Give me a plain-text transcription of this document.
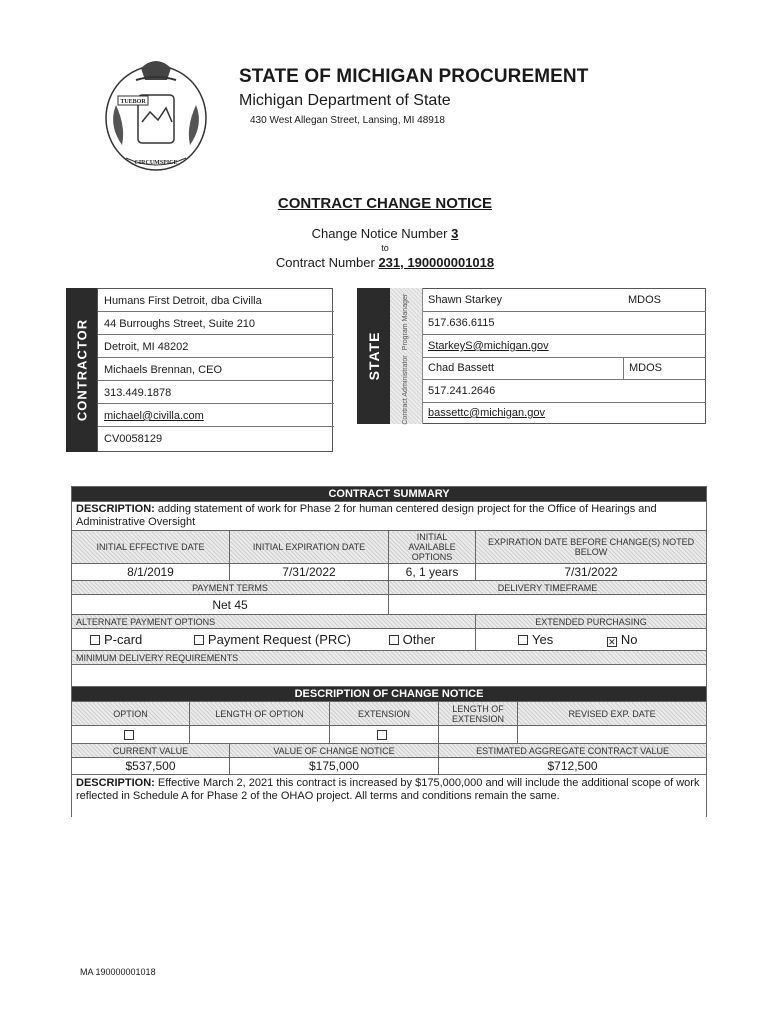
TUEBOR
CIRCUMSPICE
STATE OF MICHIGAN PROCUREMENT
Michigan Department of State
430 West Allegan Street, Lansing, MI 48918
CONTRACT CHANGE NOTICE
Change Notice Number 3
to
Contract Number 231, 190000001018
CONTRACTOR
Humans First Detroit, dba Civilla
44 Burroughs Street, Suite 210
Detroit, MI 48202
Michaels Brennan, CEO
313.449.1878
michael@civilla.com
CV0058129
STATE
Program Manager
Contract Administrator
Shawn Starkey	MDOS
517.636.6115
StarkeyS@michigan.gov
Chad Bassett	MDOS
517.241.2646
bassettc@michigan.gov
CONTRACT SUMMARY							
DESCRIPTION: adding statement of work for Phase 2 for human centered design project for the Office of Hearings and Administrative Oversight							
INITIAL EFFECTIVE DATE		INITIAL EXPIRATION DATE		INITIAL AVAILABLE OPTIONS		EXPIRATION DATE BEFORE CHANGE(S) NOTED BELOW	
8/1/2019		7/31/2022		6, 1 years		7/31/2022	
PAYMENT TERMS				DELIVERY TIMEFRAME			
Net 45							
ALTERNATE PAYMENT OPTIONS						EXTENDED PURCHASING	
P-card Payment Request (PRC) Other						Yes ✕ No	
MINIMUM DELIVERY REQUIREMENTS							

DESCRIPTION OF CHANGE NOTICE							
OPTION	LENGTH OF OPTION		EXTENSION		LENGTH OF EXTENSION		REVISED EXP. DATE

CURRENT VALUE		VALUE OF CHANGE NOTICE			ESTIMATED AGGREGATE CONTRACT VALUE		
$537,500		$175,000			$712,500		
DESCRIPTION: Effective March 2, 2021 this contract is increased by $175,000,000 and will include the additional scope of work reflected in Schedule A for Phase 2 of the OHAO project. All terms and conditions remain the same.							
MA 190000001018
